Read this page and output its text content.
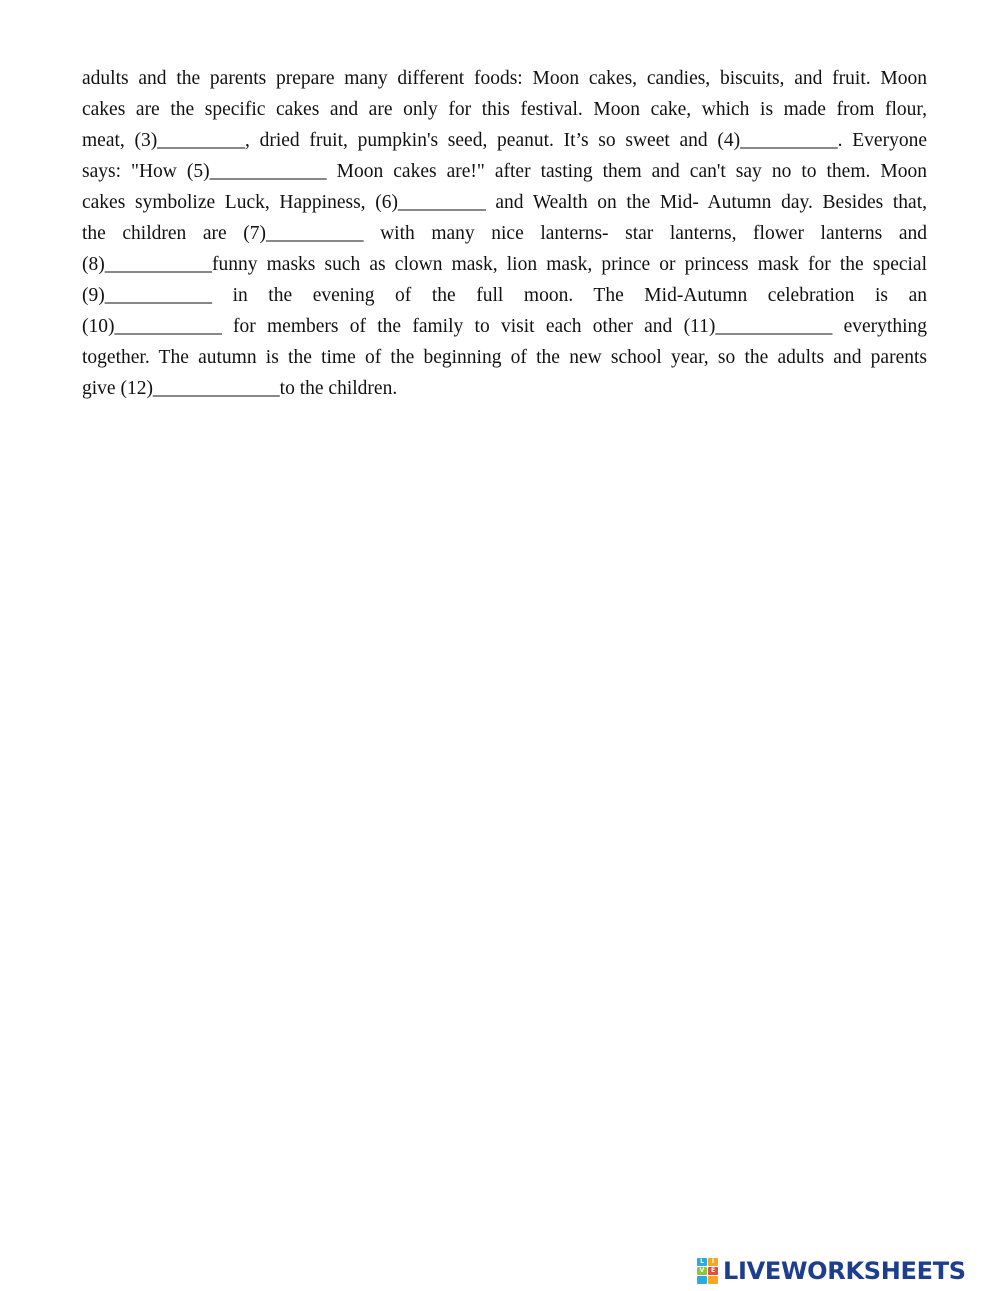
adults and the parents prepare many different foods: Moon cakes, candies, biscuits, and fruit. Moon
cakes are the specific cakes and are only for this festival. Moon cake, which is made from flour,
meat, (3)_________, dried fruit, pumpkin's seed, peanut. It’s so sweet and (4)__________. Everyone
says: "How (5)____________ Moon cakes are!" after tasting them and can't say no to them. Moon
cakes symbolize Luck, Happiness, (6)_________ and Wealth on the Mid- Autumn day. Besides that,
the children are (7)__________ with many nice lanterns- star lanterns, flower lanterns and
(8)___________funny masks such as clown mask, lion mask, prince or princess mask for the special
(9)___________ in the evening of the full moon. The Mid-Autumn celebration is an
(10)___________ for members of the family to visit each other and (11)____________ everything
together. The autumn is the time of the beginning of the new school year, so the adults and parents
give (12)_____________to the children.
L	I
V	E LIVEWORKSHEETS
